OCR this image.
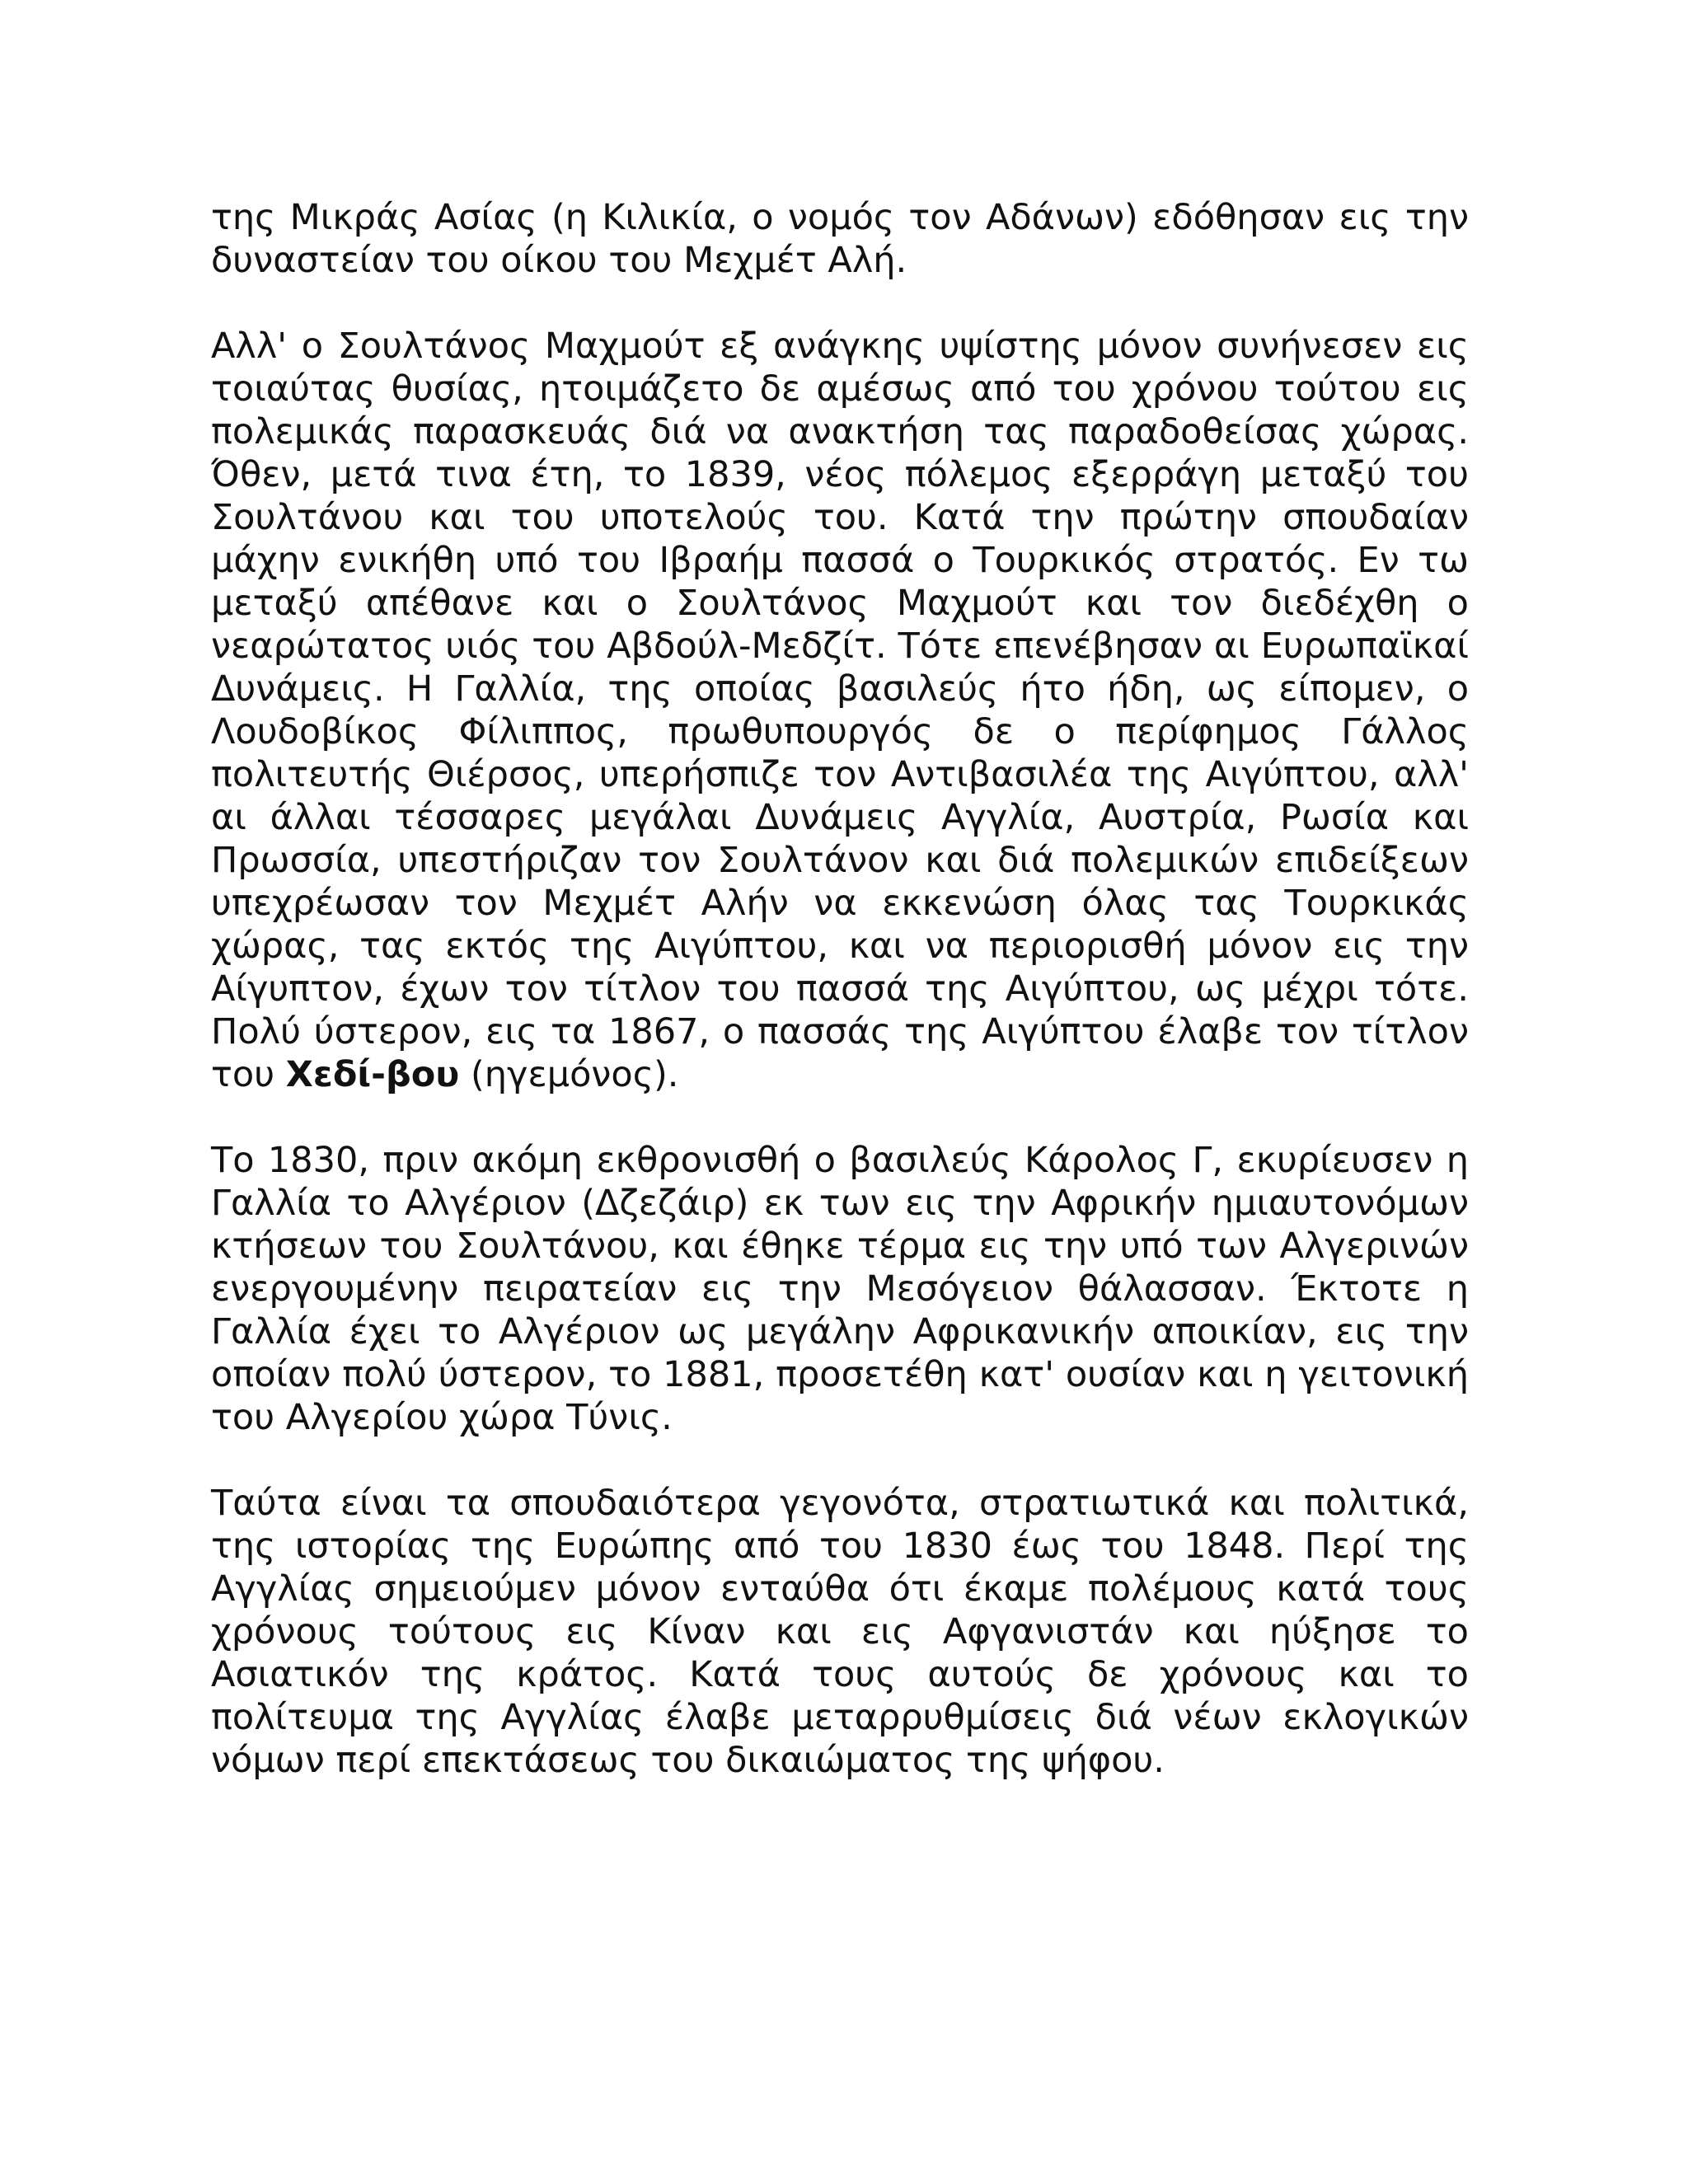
της Μικράς Ασίας (η Κιλικία, ο νομός τον Αδάνων) εδόθησαν εις την δυναστείαν του οίκου του Μεχμέτ Αλή.

Αλλ' ο Σουλτάνος Μαχμούτ εξ ανάγκης υψίστης μόνον συνήνεσεν εις τοιαύτας θυσίας, ητοιμάζετο δε αμέσως από του χρόνου τούτου εις πολεμικάς παρασκευάς διά να ανακτήση τας παραδοθείσας χώρας. Όθεν, μετά τινα έτη, το 1839, νέος πόλεμος εξερράγη μεταξύ του Σουλτάνου και του υποτελούς του. Κατά την πρώτην σπουδαίαν μάχην ενικήθη υπό του Ιβραήμ πασσά ο Τουρκικός στρατός. Εν τω μεταξύ απέθανε και ο Σουλτάνος Μαχμούτ και τον διεδέχθη ο νεαρώτατος υιός του Αβδούλ-Μεδζίτ. Τότε επενέβησαν αι Ευρωπαϊκαί Δυνάμεις. Η Γαλλία, της οποίας βασιλεύς ήτο ήδη, ως είπομεν, ο Λουδοβίκος Φίλιππος, πρωθυπουργός δε ο περίφημος Γάλλος πολιτευτής Θιέρσος, υπερήσπιζε τον Αντιβασιλέα της Αιγύπτου, αλλ' αι άλλαι τέσσαρες μεγάλαι Δυνάμεις Αγγλία, Αυστρία, Ρωσία και Πρωσσία, υπεστήριζαν τον Σουλτάνον και διά πολεμικών επιδείξεων υπεχρέωσαν τον Μεχμέτ Αλήν να εκκενώση όλας τας Τουρκικάς χώρας, τας εκτός της Αιγύπτου, και να περιορισθή μόνον εις την Αίγυπτον, έχων τον τίτλον του πασσά της Αιγύπτου, ως μέχρι τότε. Πολύ ύστερον, εις τα 1867, ο πασσάς της Αιγύπτου έλαβε τον τίτλον του Χεδί-βου (ηγεμόνος).

Το 1830, πριν ακόμη εκθρονισθή ο βασιλεύς Κάρολος Γ, εκυρίευσεν η Γαλλία το Αλγέριον (Δζεζάιρ) εκ των εις την Αφρικήν ημιαυτονόμων κτήσεων του Σουλτάνου, και έθηκε τέρμα εις την υπό των Αλγερινών ενεργουμένην πειρατείαν εις την Μεσόγειον θάλασσαν. Έκτοτε η Γαλλία έχει το Αλγέριον ως μεγάλην Αφρικανικήν αποικίαν, εις την οποίαν πολύ ύστερον, το 1881, προσετέθη κατ' ουσίαν και η γειτονική του Αλγερίου χώρα Τύνις.

Ταύτα είναι τα σπουδαιότερα γεγονότα, στρατιωτικά και πολιτικά, της ιστορίας της Ευρώπης από του 1830 έως του 1848. Περί της Αγγλίας σημειούμεν μόνον ενταύθα ότι έκαμε πολέμους κατά τους χρόνους τούτους εις Κίναν και εις Αφγανιστάν και ηύξησε το Ασιατικόν της κράτος. Κατά τους αυτούς δε χρόνους και το πολίτευμα της Αγγλίας έλαβε μεταρρυθμίσεις διά νέων εκλογικών νόμων περί επεκτάσεως του δικαιώματος της ψήφου.
